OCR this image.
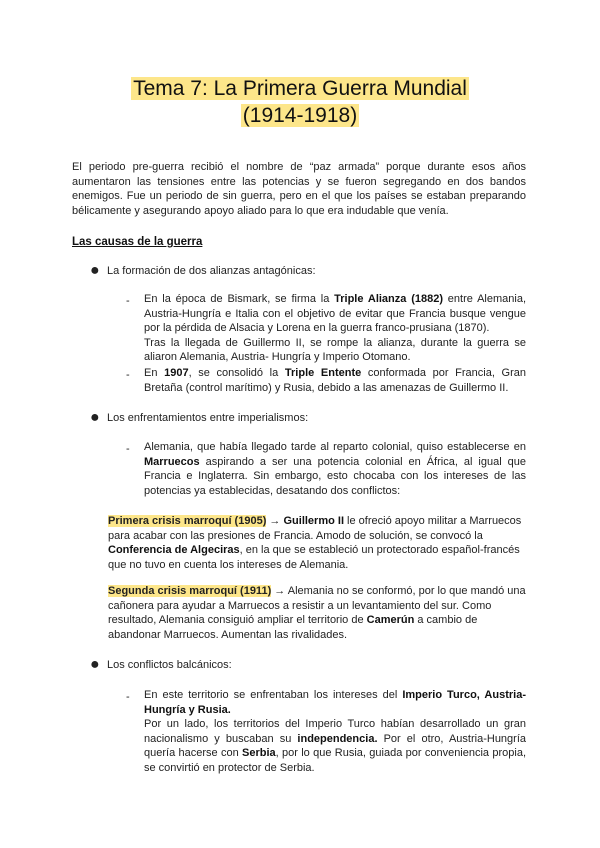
Tema 7: La Primera Guerra Mundial
(1914-1918)

El periodo pre-guerra recibió el nombre de “paz armada” porque durante esos años aumentaron las tensiones entre las potencias y se fueron segregando en dos bandos enemigos. Fue un periodo de sin guerra, pero en el que los países se estaban preparando bélicamente y asegurando apoyo aliado para lo que era indudable que venía.

Las causas de la guerra
● La formación de dos alianzas antagónicas:
- En la época de Bismark, se firma la Triple Alianza (1882) entre Alemania, Austria-Hungría e Italia con el objetivo de evitar que Francia busque vengue por la pérdida de Alsacia y Lorena en la guerra franco-prusiana (1870).
Tras la llegada de Guillermo II, se rompe la alianza, durante la guerra se aliaron Alemania, Austria- Hungría y Imperio Otomano.

- En 1907, se consolidó la Triple Entente conformada por Francia, Gran Bretaña (control marítimo) y Rusia, debido a las amenazas de Guillermo II.

● Los enfrentamientos entre imperialismos:
- Alemania, que había llegado tarde al reparto colonial, quiso establecerse en Marruecos aspirando a ser una potencia colonial en África, al igual que Francia e Inglaterra. Sin embargo, esto chocaba con los intereses de las potencias ya establecidas, desatando dos conflictos:

Primera crisis marroquí (1905) → Guillermo II le ofreció apoyo militar a Marruecos para acabar con las presiones de Francia. Amodo de solución, se convocó la Conferencia de Algeciras, en la que se estableció un protectorado español-francés que no tuvo en cuenta los intereses de Alemania.

Segunda crisis marroquí (1911) → Alemania no se conformó, por lo que mandó una cañonera para ayudar a Marruecos a resistir a un levantamiento del sur. Como resultado, Alemania consiguió ampliar el territorio de Camerún a cambio de abandonar Marruecos. Aumentan las rivalidades.

● Los conflictos balcánicos:
- En este territorio se enfrentaban los intereses del Imperio Turco, Austria-Hungría y Rusia.
Por un lado, los territorios del Imperio Turco habían desarrollado un gran nacionalismo y buscaban su independencia. Por el otro, Austria-Hungría quería hacerse con Serbia, por lo que Rusia, guiada por conveniencia propia, se convirtió en protector de Serbia.
